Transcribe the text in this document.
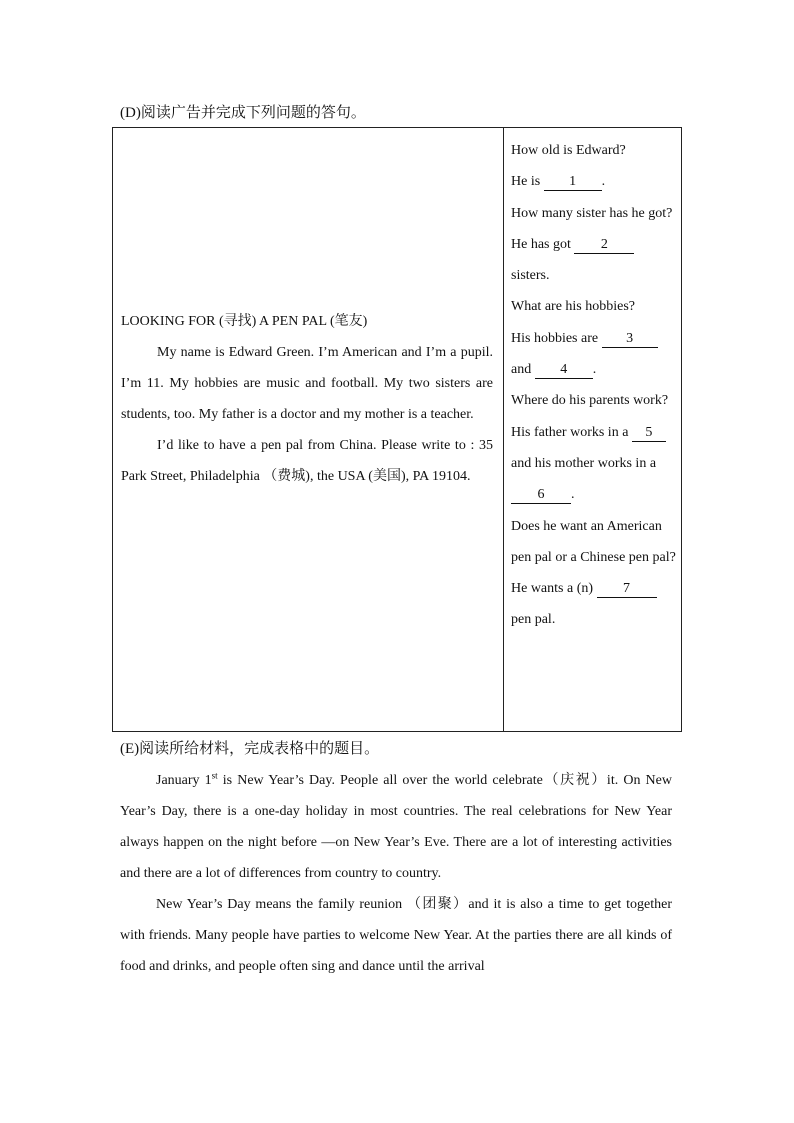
(D)阅读广告并完成下列问题的答句。

LOOKING FOR (寻找) A PEN PAL (笔友)

My name is Edward Green. I’m American and I’m a pupil. I’m 11. My hobbies are music and football. My two sisters are students, too. My father is a doctor and my mother is a teacher.

I’d like to have a pen pal from China. Please write to : 35 Park Street, Philadelphia （费城), the USA (美国), PA 19104.

How old is Edward?
He is 1 .
How many sister has he got?
He has got 2
sisters.
What are his hobbies?
His hobbies are 3
and 4 .
Where do his parents work?
His father works in a 5 and his mother works in a 6 .
Does he want an American pen pal or a Chinese pen pal?
He wants a (n) 7
pen pal.
(E)阅读所给材料，完成表格中的题目。

January 1st is New Year’s Day. People all over the world celebrate（庆祝）it. On New Year’s Day, there is a one-day holiday in most countries. The real celebrations for New Year always happen on the night before —on New Year’s Eve. There are a lot of interesting activities and there are a lot of differences from country to country.

New Year’s Day means the family reunion （团聚）and it is also a time to get together with friends. Many people have parties to welcome New Year. At the parties there are all kinds of food and drinks, and people often sing and dance until the arrival
